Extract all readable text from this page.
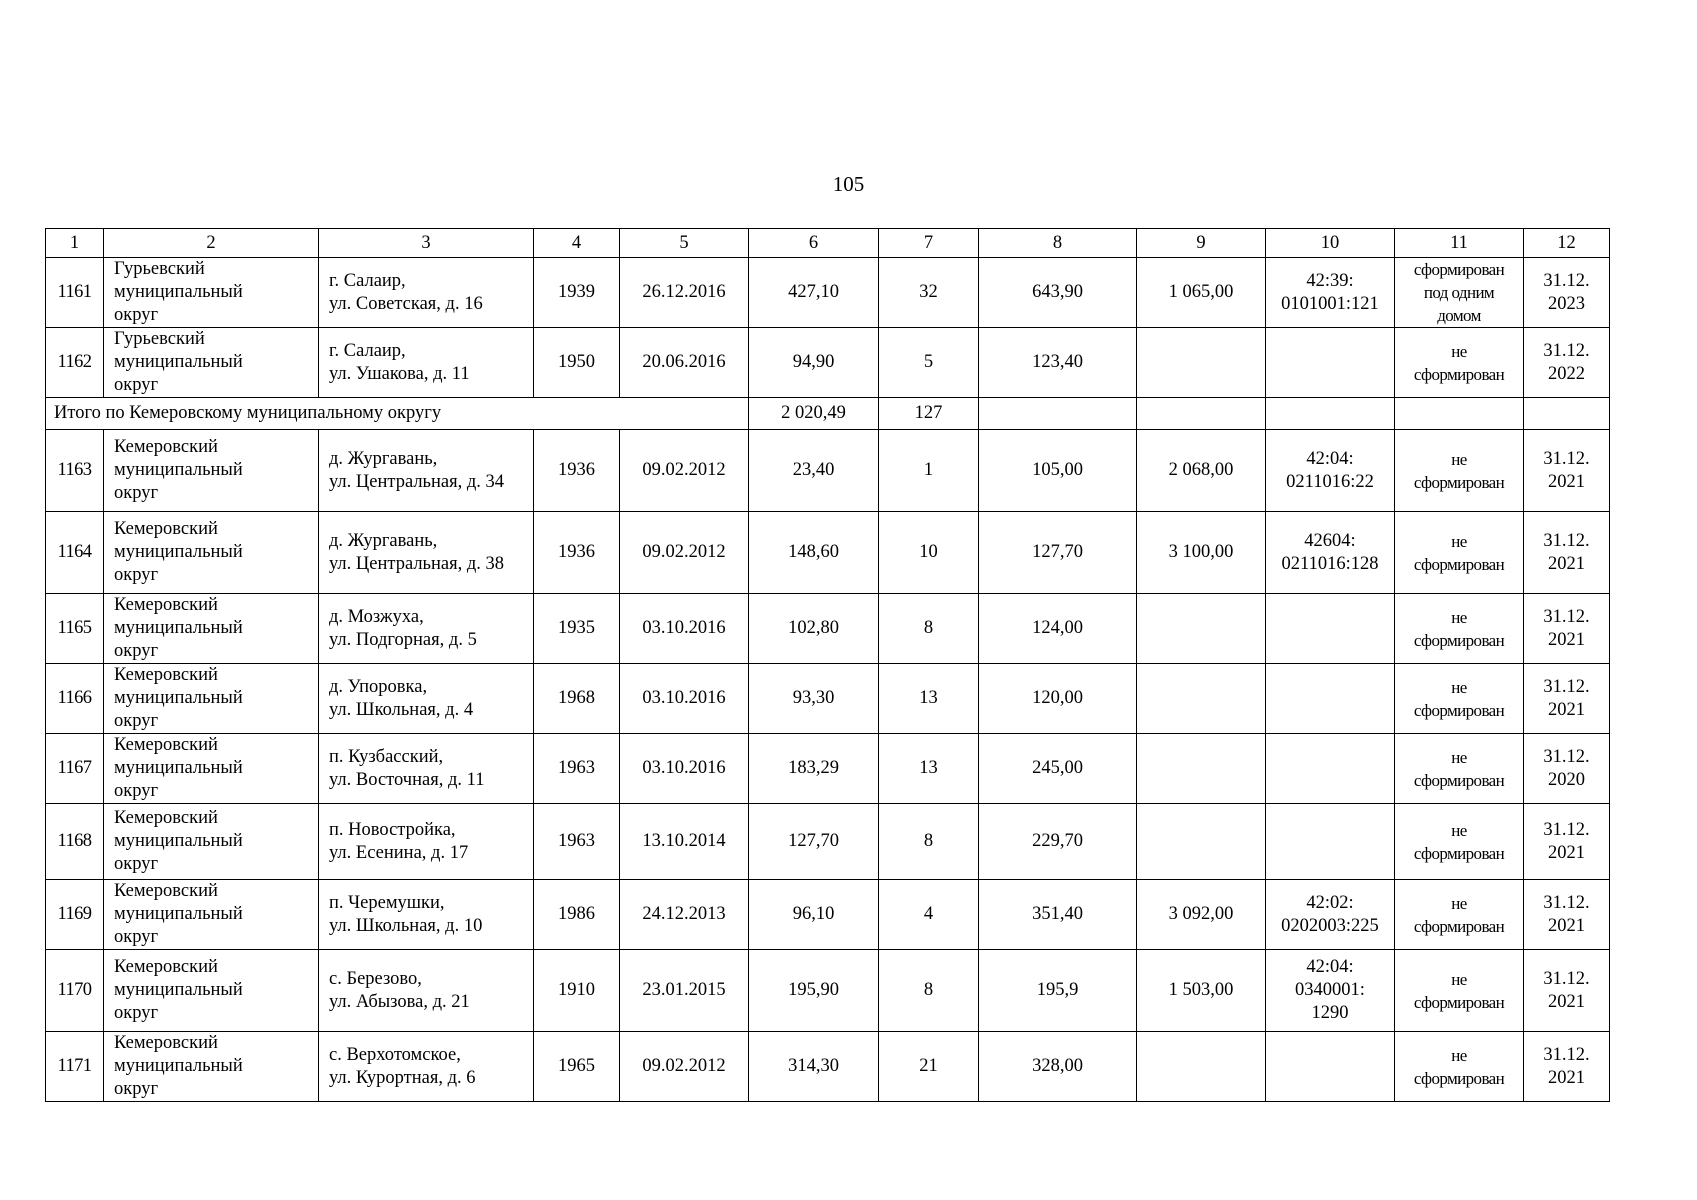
105
1	2	3	4	5	6	7	8	9	10	11	12
1161	Гурьевский
муниципальный
округ	г. Салаир,
ул. Советская, д. 16	1939	26.12.2016	427,10	32	643,90	1 065,00	42:39:
0101001:121	сформирован
под одним
домом	31.12.
2023
1162	Гурьевский
муниципальный
округ	г. Салаир,
ул. Ушакова, д. 11	1950	20.06.2016	94,90	5	123,40			не
сформирован	31.12.
2022
Итого по Кемеровскому муниципальному округу					2 020,49	127					
1163	Кемеровский
муниципальный
округ	д. Жургавань,
ул. Центральная, д. 34	1936	09.02.2012	23,40	1	105,00	2 068,00	42:04:
0211016:22	не
сформирован	31.12.
2021
1164	Кемеровский
муниципальный
округ	д. Жургавань,
ул. Центральная, д. 38	1936	09.02.2012	148,60	10	127,70	3 100,00	42604:
0211016:128	не
сформирован	31.12.
2021
1165	Кемеровский
муниципальный
округ	д. Мозжуха,
ул. Подгорная, д. 5	1935	03.10.2016	102,80	8	124,00			не
сформирован	31.12.
2021
1166	Кемеровский
муниципальный
округ	д. Упоровка,
ул. Школьная, д. 4	1968	03.10.2016	93,30	13	120,00			не
сформирован	31.12.
2021
1167	Кемеровский
муниципальный
округ	п. Кузбасский,
ул. Восточная, д. 11	1963	03.10.2016	183,29	13	245,00			не
сформирован	31.12.
2020
1168	Кемеровский
муниципальный
округ	п. Новостройка,
ул. Есенина, д. 17	1963	13.10.2014	127,70	8	229,70			не
сформирован	31.12.
2021
1169	Кемеровский
муниципальный
округ	п. Черемушки,
ул. Школьная, д. 10	1986	24.12.2013	96,10	4	351,40	3 092,00	42:02:
0202003:225	не
сформирован	31.12.
2021
1170	Кемеровский
муниципальный
округ	с. Березово,
ул. Абызова, д. 21	1910	23.01.2015	195,90	8	195,9	1 503,00	42:04:
0340001:
1290	не
сформирован	31.12.
2021
1171	Кемеровский
муниципальный
округ	с. Верхотомское,
ул. Курортная, д. 6	1965	09.02.2012	314,30	21	328,00			не
сформирован	31.12.
2021
